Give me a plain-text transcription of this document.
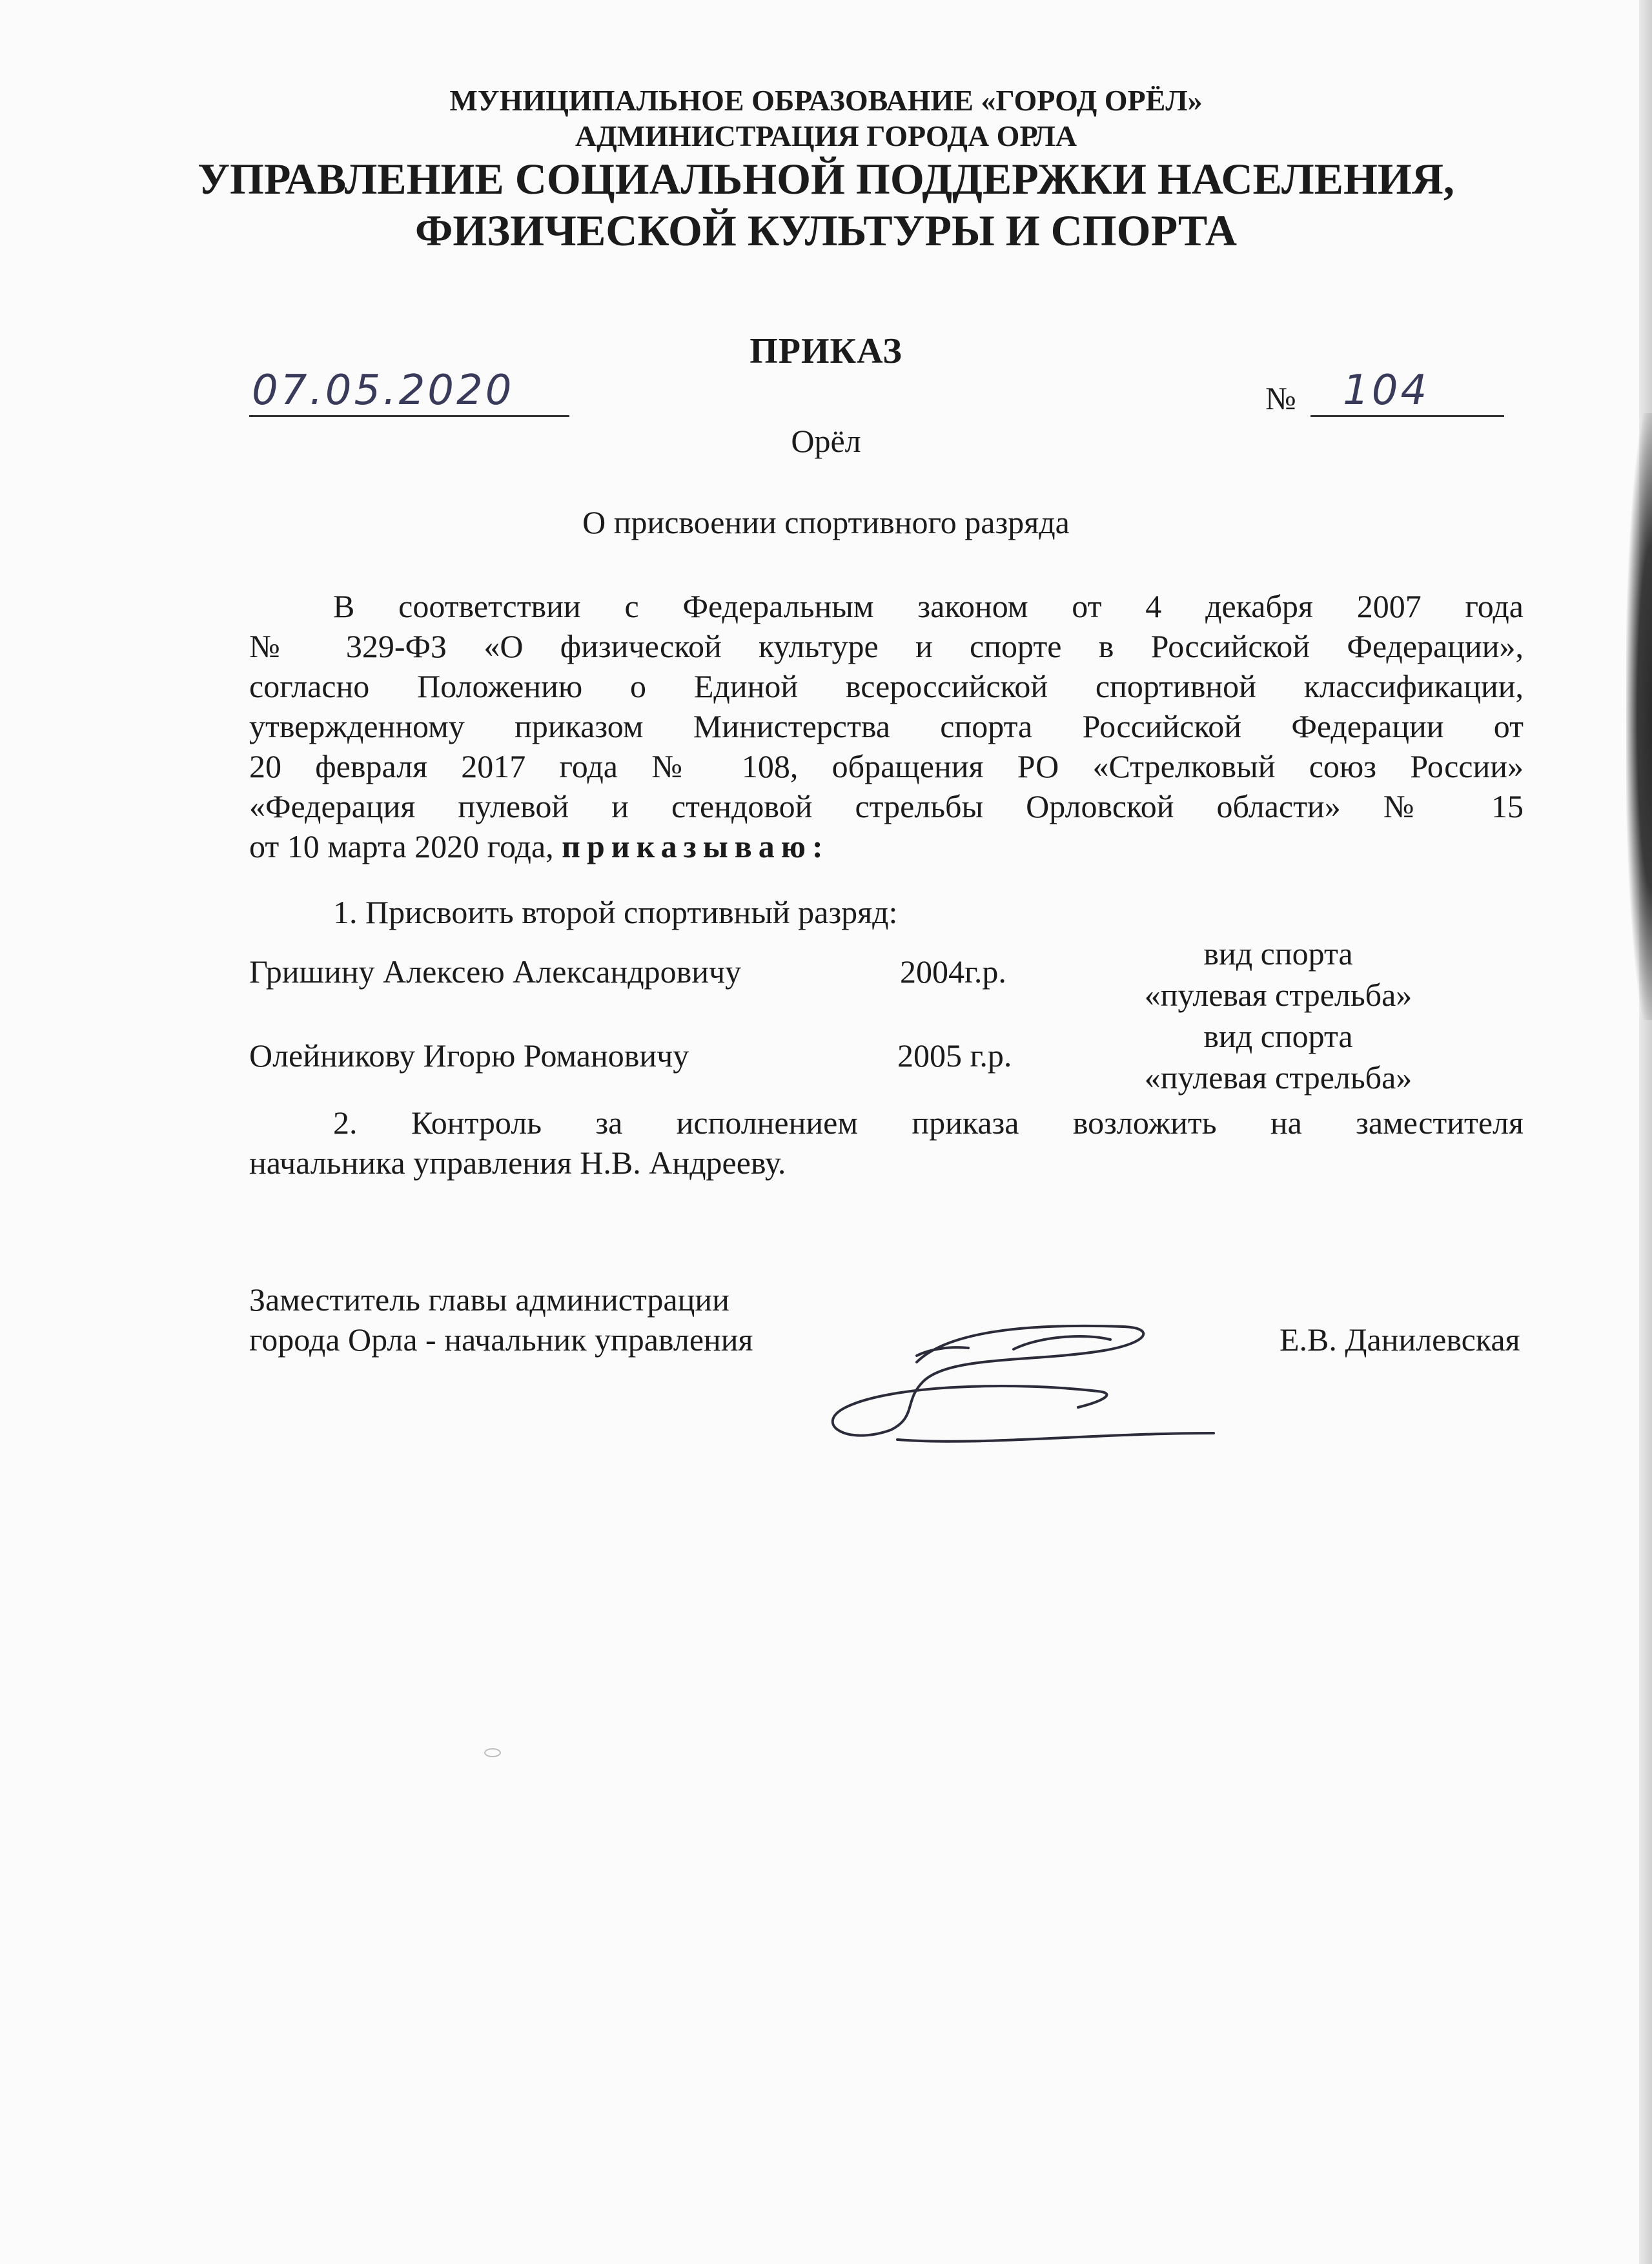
МУНИЦИПАЛЬНОЕ ОБРАЗОВАНИЕ «ГОРОД ОРЁЛ»
АДМИНИСТРАЦИЯ ГОРОДА ОРЛА
УПРАВЛЕНИЕ СОЦИАЛЬНОЙ ПОДДЕРЖКИ НАСЕЛЕНИЯ,
ФИЗИЧЕСКОЙ КУЛЬТУРЫ И СПОРТА
ПРИКАЗ
07.05.2020	№ 104
Орёл
О присвоении спортивного разряда
В соответствии с Федеральным законом от 4 декабря 2007 года
№ 329-ФЗ «О физической культуре и спорте в Российской Федерации»,
согласно Положению о Единой всероссийской спортивной классификации,
утвержденному приказом Министерства спорта Российской Федерации от
20 февраля 2017 года № 108, обращения РО «Стрелковый союз России»
«Федерация пулевой и стендовой стрельбы Орловской области» № 15
от 10 марта 2020 года, приказываю:
1. Присвоить второй спортивный разряд:
Гришину Алексею Александровичу	2004г.р.	вид спорта
«пулевая стрельба»
Олейникову Игорю Романовичу	2005 г.р.
вид спорта
«пулевая стрельба»
2. Контроль за исполнением приказа возложить на заместителя
начальника управления Н.В. Андрееву.
Заместитель главы администрации
города Орла - начальник управления	Е.В. Данилевская
